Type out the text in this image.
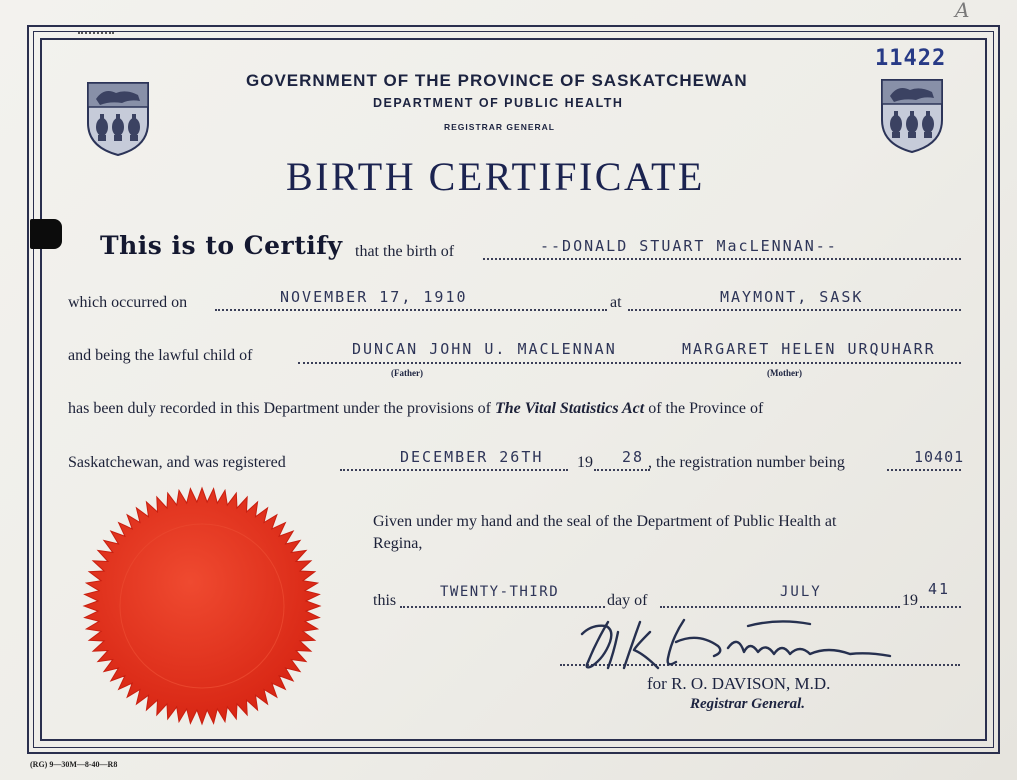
A
11422
GOVERNMENT OF THE PROVINCE OF SASKATCHEWAN
DEPARTMENT OF PUBLIC HEALTH
REGISTRAR GENERAL
BIRTH CERTIFICATE
This is to Certify that the birth of	--DONALD STUART MacLENNAN--
which occurred on	NOVEMBER 17, 1910	at	MAYMONT, SASK
and being the lawful child of	DUNCAN JOHN U. MACLENNAN	MARGARET HELEN URQUHARR
(Father)	(Mother)
has been duly recorded in this Department under the provisions of The Vital Statistics Act of the Province of
Saskatchewan, and was registered	DECEMBER 26TH 19 28 , the registration number being	10401
Given under my hand and the seal of the Department of Public Health at
Regina,
this	TWENTY-THIRD	day of	JULY	19
41
for R. O. DAVISON, M.D.
Registrar General.
(RG) 9—30M—8-40—R8
